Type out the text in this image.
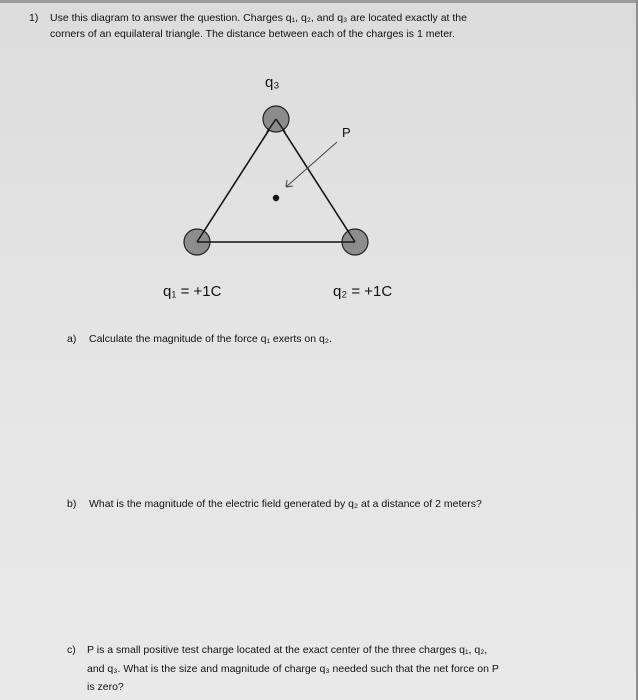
1) Use this diagram to answer the question. Charges q₁, q₂, and q₃ are located exactly at the
corners of an equilateral triangle. The distance between each of the charges is 1 meter.
q₃
P
q₁ = +1C	q₂ = +1C
a) Calculate the magnitude of the force q₁ exerts on q₂.
b) What is the magnitude of the electric field generated by q₂ at a distance of 2 meters?
c) P is a small positive test charge located at the exact center of the three charges q₁, q₂,
and q₃. What is the size and magnitude of charge q₃ needed such that the net force on P
is zero?
